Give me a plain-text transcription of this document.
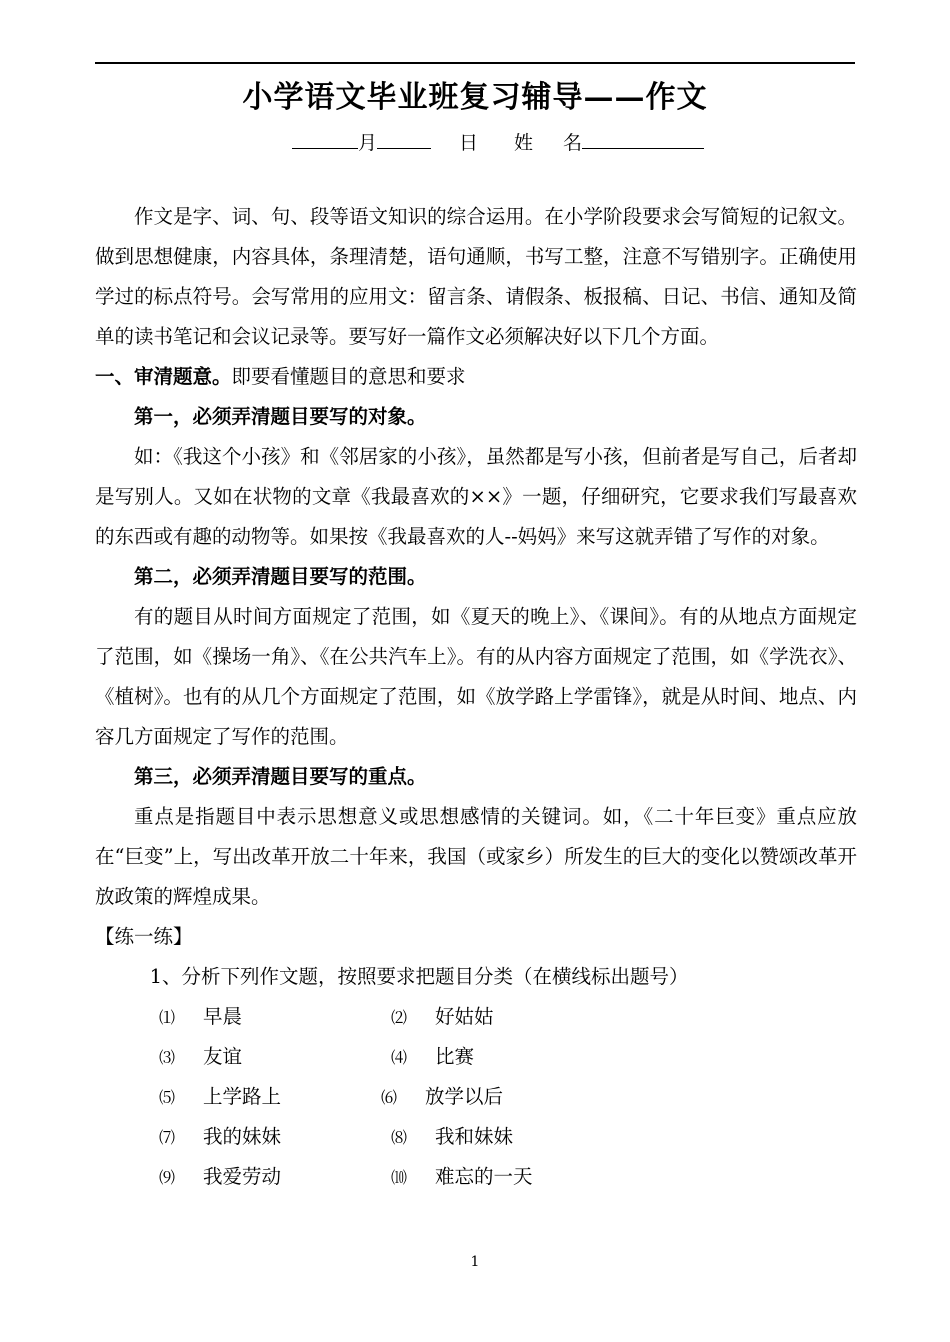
小学语文毕业班复习辅导——作文
月	日 姓 名

作文是字、词、句、段等语文知识的综合运用。在小学阶段要求会写简短的记叙文。做到思想健康，内容具体，条理清楚，语句通顺，书写工整，注意不写错别字。正确使用学过的标点符号。会写常用的应用文：留言条、请假条、板报稿、日记、书信、通知及简单的读书笔记和会议记录等。要写好一篇作文必须解决好以下几个方面。

一、审清题意。即要看懂题目的意思和要求

第一，必须弄清题目要写的对象。

如：《我这个小孩》和《邻居家的小孩》，虽然都是写小孩，但前者是写自己，后者却是写别人。又如在状物的文章《我最喜欢的××》一题，仔细研究，它要求我们写最喜欢的东西或有趣的动物等。如果按《我最喜欢的人--妈妈》来写这就弄错了写作的对象。

第二，必须弄清题目要写的范围。

有的题目从时间方面规定了范围，如《夏天的晚上》、《课间》。有的从地点方面规定了范围，如《操场一角》、《在公共汽车上》。有的从内容方面规定了范围，如《学洗衣》、《植树》。也有的从几个方面规定了范围，如《放学路上学雷锋》，就是从时间、地点、内容几方面规定了写作的范围。

第三，必须弄清题目要写的重点。

重点是指题目中表示思想意义或思想感情的关键词。如，《二十年巨变》重点应放在“巨变”上，写出改革开放二十年来，我国（或家乡）所发生的巨大的变化以赞颂改革开放政策的辉煌成果。

【练一练】

1、分析下列作文题，按照要求把题目分类（在横线标出题号）

⑴ 早晨	⑵ 好姑姑
⑶ 友谊	⑷ 比赛
⑸ 上学路上	⑹ 放学以后
⑺ 我的妹妹	⑻ 我和妹妹
⑼ 我爱劳动	⑽ 难忘的一天
1
